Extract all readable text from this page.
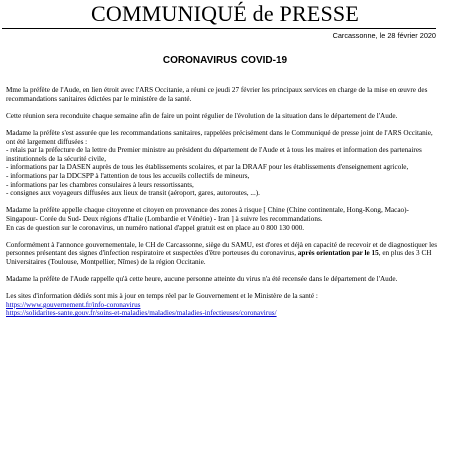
COMMUNIQUÉ de PRESSE
Carcassonne, le 28 février 2020
CORONAVIRUS COVID-19

Mme la préfète de l'Aude, en lien étroit avec l'ARS Occitanie, a réuni ce jeudi 27 février les principaux services en charge de la mise en œuvre des recommandations sanitaires édictées par le ministère de la santé.

Cette réunion sera reconduite chaque semaine afin de faire un point régulier de l'évolution de la situation dans le département de l'Aude.

Madame la préfète s'est assurée que les recommandations sanitaires, rappelées précisément dans le Communiqué de presse joint de l'ARS Occitanie, ont été largement diffusées :
- relais par la préfecture de la lettre du Premier ministre au président du département de l'Aude et à tous les maires et information des partenaires institutionnels de la sécurité civile,
- informations par la DASEN auprès de tous les établissements scolaires, et par la DRAAF pour les établissements d'enseignement agricole,
- informations par la DDCSPP à l'attention de tous les accueils collectifs de mineurs,
- informations par les chambres consulaires à leurs ressortissants,
- consignes aux voyageurs diffusées aux lieux de transit (aéroport, gares, autoroutes, ...).

Madame la préfète appelle chaque citoyenne et citoyen en provenance des zones à risque [ Chine (Chine continentale, Hong-Kong, Macao)- Singapour- Corée du Sud- Deux régions d'Italie (Lombardie et Vénétie) - Iran ] à suivre les recommandations.
En cas de question sur le coronavirus, un numéro national d'appel gratuit est en place au 0 800 130 000.

Conformément à l'annonce gouvernementale, le CH de Carcassonne, siège du SAMU, est d'ores et déjà en capacité de recevoir et de diagnostiquer les personnes présentant des signes d'infection respiratoire et suspectées d'être porteuses du coronavirus, après orientation par le 15, en plus des 3 CH Universitaires (Toulouse, Montpellier, Nîmes) de la région Occitanie.

Madame la préfète de l'Aude rappelle qu'à cette heure, aucune personne atteinte du virus n'a été recensée dans le département de l'Aude.

Les sites d'information dédiés sont mis à jour en temps réel par le Gouvernement et le Ministère de la santé :
https://www.gouvernement.fr/info-coronavirus
https://solidarites-sante.gouv.fr/soins-et-maladies/maladies/maladies-infectieuses/coronavirus/
